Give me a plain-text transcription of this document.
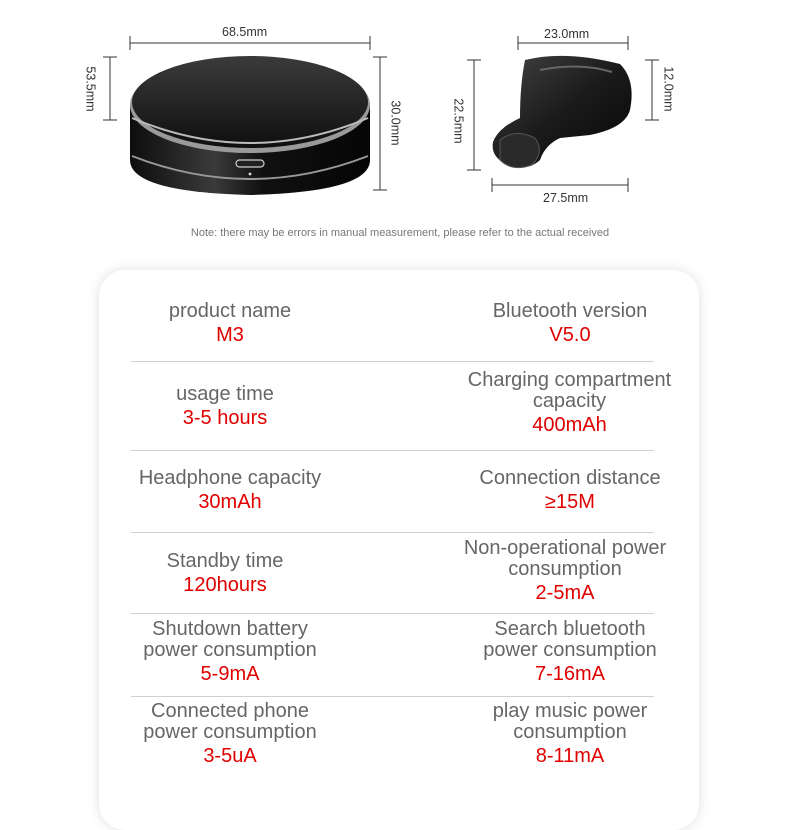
68.5mm
53.5mm
30.0mm
23.0mm
22.5mm
12.0mm
27.5mm
Note: there may be errors in manual measurement, please refer to the actual received
product name
M3
Bluetooth version
V5.0
usage time
3-5 hours
Charging compartment capacity
400mAh
Headphone capacity
30mAh
Connection distance
≥15M
Standby time
120hours
Non-operational power consumption
2-5mA
Shutdown battery power consumption
5-9mA
Search bluetooth power consumption
7-16mA
Connected phone power consumption
3-5uA
play music power consumption
8-11mA
